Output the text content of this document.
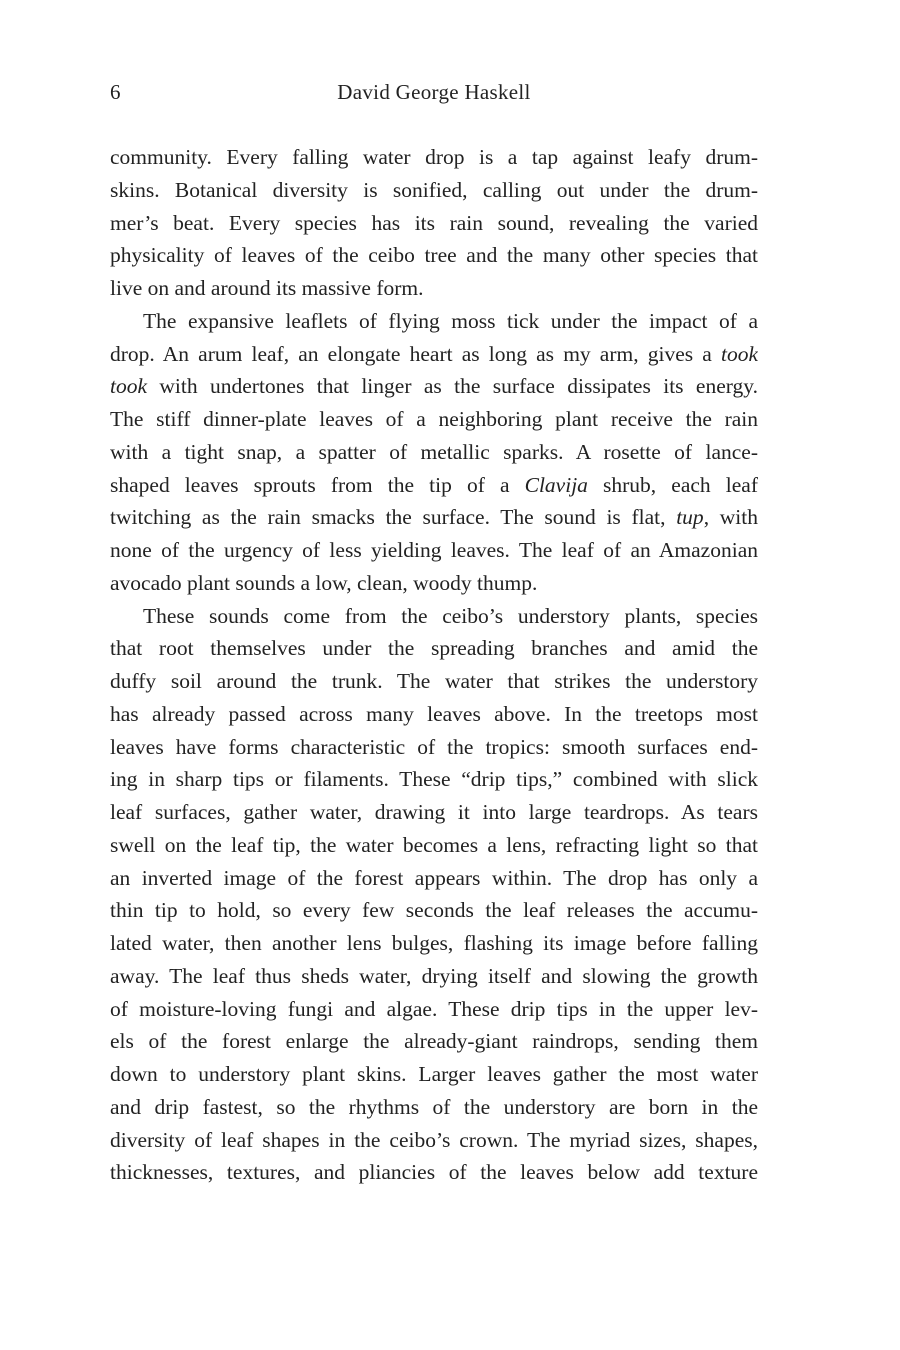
6	David George Haskell
community. Every falling water drop is a tap against leafy drum-
skins. Botanical diversity is sonified, calling out under the drum-
mer’s beat. Every species has its rain sound, revealing the varied
physicality of leaves of the ceibo tree and the many other species that
live on and around its massive form.
The expansive leaflets of flying moss tick under the impact of a
drop. An arum leaf, an elongate heart as long as my arm, gives a took
took with undertones that linger as the surface dissipates its energy.
The stiff dinner-plate leaves of a neighboring plant receive the rain
with a tight snap, a spatter of metallic sparks. A rosette of lance-
shaped leaves sprouts from the tip of a Clavija shrub, each leaf
twitching as the rain smacks the surface. The sound is flat, tup, with
none of the urgency of less yielding leaves. The leaf of an Amazonian
avocado plant sounds a low, clean, woody thump.
These sounds come from the ceibo’s understory plants, species
that root themselves under the spreading branches and amid the
duffy soil around the trunk. The water that strikes the understory
has already passed across many leaves above. In the treetops most
leaves have forms characteristic of the tropics: smooth surfaces end-
ing in sharp tips or filaments. These “drip tips,” combined with slick
leaf surfaces, gather water, drawing it into large teardrops. As tears
swell on the leaf tip, the water becomes a lens, refracting light so that
an inverted image of the forest appears within. The drop has only a
thin tip to hold, so every few seconds the leaf releases the accumu-
lated water, then another lens bulges, flashing its image before falling
away. The leaf thus sheds water, drying itself and slowing the growth
of moisture-loving fungi and algae. These drip tips in the upper lev-
els of the forest enlarge the already-giant raindrops, sending them
down to understory plant skins. Larger leaves gather the most water
and drip fastest, so the rhythms of the understory are born in the
diversity of leaf shapes in the ceibo’s crown. The myriad sizes, shapes,
thicknesses, textures, and pliancies of the leaves below add texture
